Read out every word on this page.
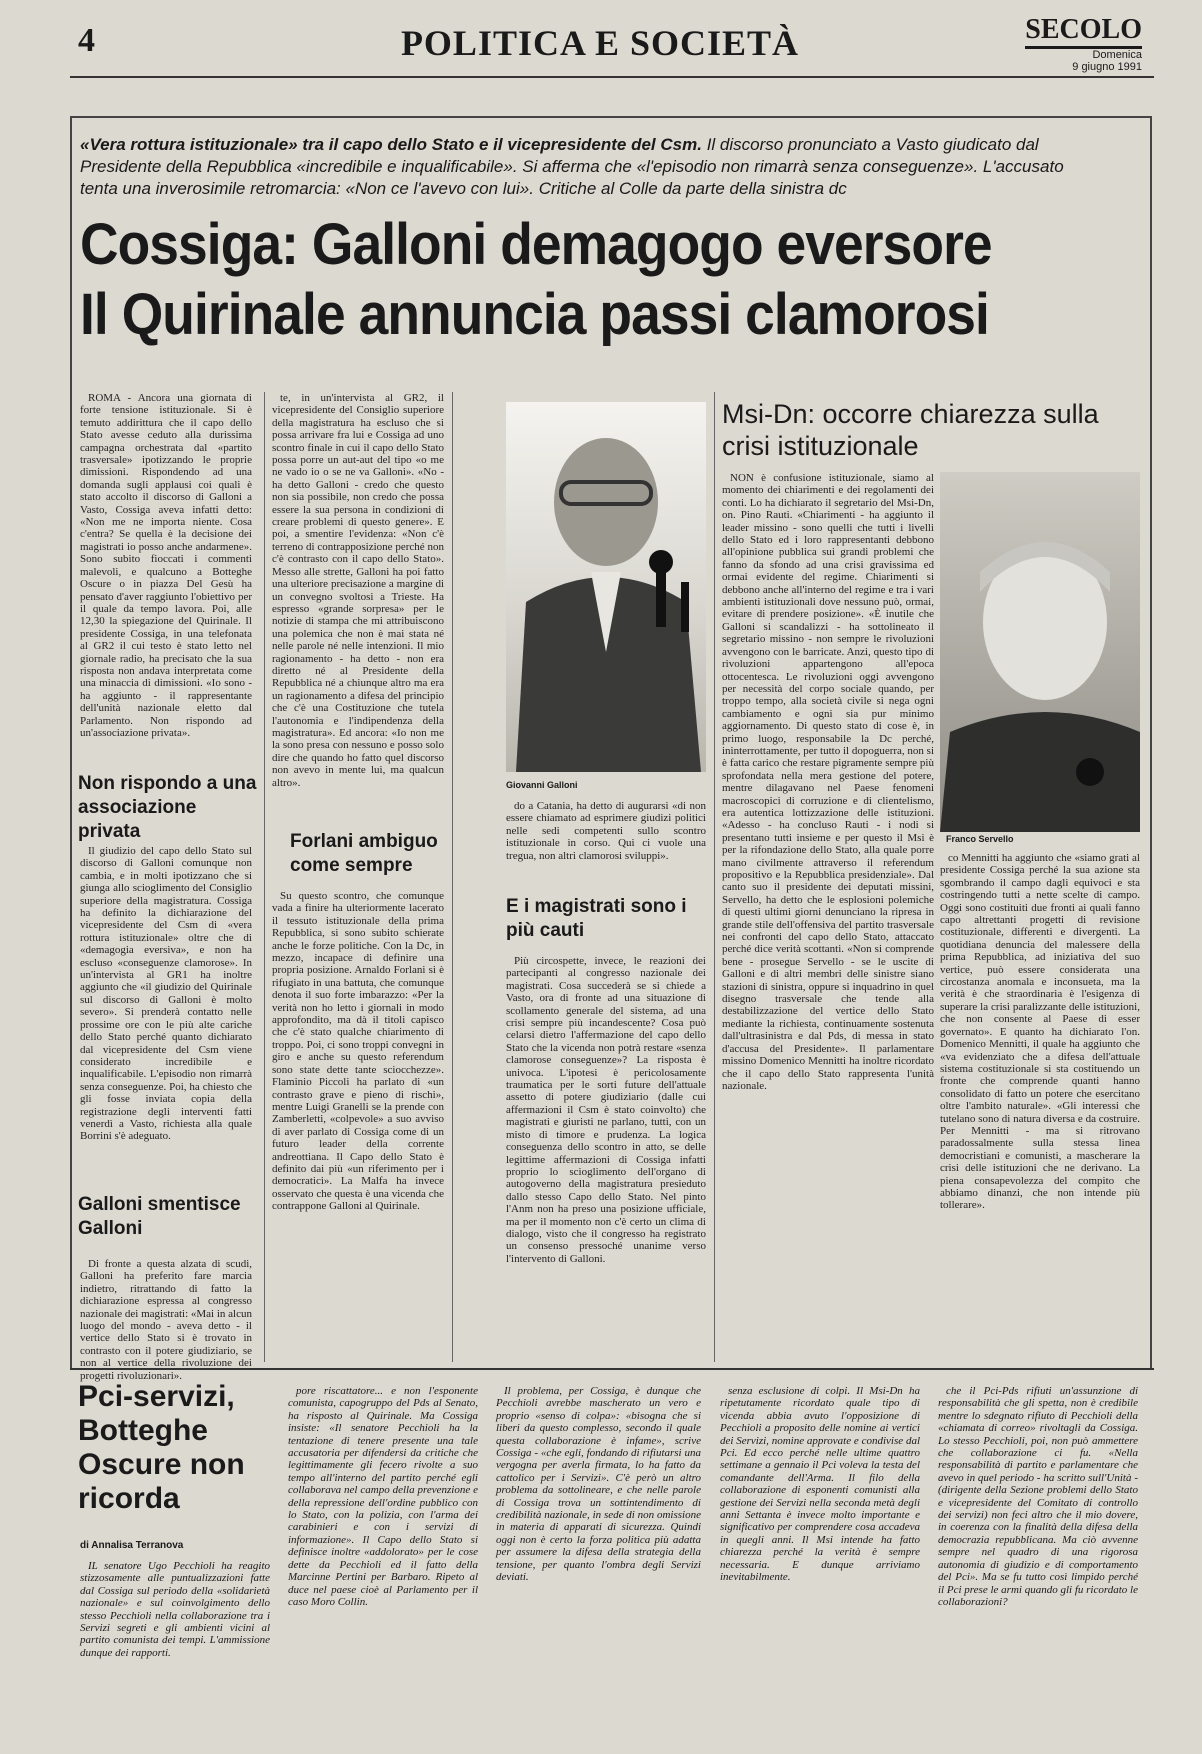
4	POLITICA E SOCIETÀ	SECOLO
Domenica
9 giugno 1991
«Vera rottura istituzionale» tra il capo dello Stato e il vicepresidente del Csm. Il discorso pronunciato a Vasto giudicato dal Presidente della Repubblica «incredibile e inqualificabile». Si afferma che «l'episodio non rimarrà senza conseguenze». L'accusato tenta una inverosimile retromarcia: «Non ce l'avevo con lui». Critiche al Colle da parte della sinistra dc
Cossiga: Galloni demagogo eversore
Il Quirinale annuncia passi clamorosi

ROMA - Ancora una giornata di forte tensione istituzionale. Si è temuto addirittura che il capo dello Stato avesse ceduto alla durissima campagna orchestrata dal «partito trasversale» ipotizzando le proprie dimissioni. Rispondendo ad una domanda sugli applausi coi quali è stato accolto il discorso di Galloni a Vasto, Cossiga aveva infatti detto: «Non me ne importa niente. Cosa c'entra? Se quella è la decisione dei magistrati io posso anche andarmene». Sono subito fioccati i commenti malevoli, e qualcuno a Botteghe Oscure o in piazza Del Gesù ha pensato d'aver raggiunto l'obiettivo per il quale da tempo lavora. Poi, alle 12,30 la spiegazione del Quirinale. Il presidente Cossiga, in una telefonata al GR2 il cui testo è stato letto nel giornale radio, ha precisato che la sua risposta non andava interpretata come una minaccia di dimissioni. «Io sono - ha aggiunto - il rappresentante dell'unità nazionale eletto dal Parlamento. Non rispondo ad un'associazione privata».

Non rispondo a una associazione privata

Il giudizio del capo dello Stato sul discorso di Galloni comunque non cambia, e in molti ipotizzano che si giunga allo scioglimento del Consiglio superiore della magistratura. Cossiga ha definito la dichiarazione del vicepresidente del Csm di «vera rottura istituzionale» oltre che di «demagogia eversiva», e non ha escluso «conseguenze clamorose». In un'intervista al GR1 ha inoltre aggiunto che «il giudizio del Quirinale sul discorso di Galloni è molto severo». Si prenderà contatto nelle prossime ore con le più alte cariche dello Stato perché quanto dichiarato dal vicepresidente del Csm viene considerato incredibile e inqualificabile. L'episodio non rimarrà senza conseguenze. Poi, ha chiesto che gli fosse inviata copia della registrazione degli interventi fatti venerdì a Vasto, richiesta alla quale Borrini s'è adeguato.

Galloni smentisce Galloni

Di fronte a questa alzata di scudi, Galloni ha preferito fare marcia indietro, ritrattando di fatto la dichiarazione espressa al congresso nazionale dei magistrati: «Mai in alcun luogo del mondo - aveva detto - il vertice dello Stato si è trovato in contrasto con il potere giudiziario, se non al vertice della rivoluzione dei progetti rivoluzionari».

te, in un'intervista al GR2, il vicepresidente del Consiglio superiore della magistratura ha escluso che si possa arrivare fra lui e Cossiga ad uno scontro finale in cui il capo dello Stato possa porre un aut-aut del tipo «o me ne vado io o se ne va Galloni». «No - ha detto Galloni - credo che questo non sia possibile, non credo che possa essere la sua persona in condizioni di creare problemi di questo genere». E poi, a smentire l'evidenza: «Non c'è terreno di contrapposizione perché non c'è contrasto con il capo dello Stato». Messo alle strette, Galloni ha poi fatto una ulteriore precisazione a margine di un convegno svoltosi a Trieste. Ha espresso «grande sorpresa» per le notizie di stampa che mi attribuiscono una polemica che non è mai stata né nelle parole né nelle intenzioni. Il mio ragionamento - ha detto - non era diretto né al Presidente della Repubblica né a chiunque altro ma era un ragionamento a difesa del principio che c'è una Costituzione che tutela l'autonomia e l'indipendenza della magistratura». Ed ancora: «Io non me la sono presa con nessuno e posso solo dire che quando ho fatto quel discorso non avevo in mente lui, ma qualcun altro».

Forlani ambiguo come sempre

Su questo scontro, che comunque vada a finire ha ulteriormente lacerato il tessuto istituzionale della prima Repubblica, si sono subito schierate anche le forze politiche. Con la Dc, in mezzo, incapace di definire una propria posizione. Arnaldo Forlani si è rifugiato in una battuta, che comunque denota il suo forte imbarazzo: «Per la verità non ho letto i giornali in modo approfondito, ma dà il titoli capisco che c'è stato qualche chiarimento di troppo. Poi, ci sono troppi convegni in giro e anche su questo referendum sono state dette tante sciocchezze». Flaminio Piccoli ha parlato di «un contrasto grave e pieno di rischi», mentre Luigi Granelli se la prende con Zamberletti, «colpevole» a suo avviso di aver parlato di Cossiga come di un futuro leader della corrente andreottiana. Il Capo dello Stato è definito dai più «un riferimento per i democratici». La Malfa ha invece osservato che questa è una vicenda che contrappone Galloni al Quirinale.

Giovanni Galloni

do a Catania, ha detto di augurarsi «di non essere chiamato ad esprimere giudizi politici nelle sedi competenti sullo scontro istituzionale in corso. Qui ci vuole una tregua, non altri clamorosi sviluppi».

E i magistrati sono i più cauti

Più circospette, invece, le reazioni dei partecipanti al congresso nazionale dei magistrati. Cosa succederà se si chiede a Vasto, ora di fronte ad una situazione di scollamento generale del sistema, ad una crisi sempre più incandescente? Cosa può celarsi dietro l'affermazione del capo dello Stato che la vicenda non potrà restare «senza clamorose conseguenze»? La risposta è univoca. L'ipotesi è pericolosamente traumatica per le sorti future dell'attuale assetto di potere giudiziario (dalle cui affermazioni il Csm è stato coinvolto) che magistrati e giuristi ne parlano, tutti, con un misto di timore e prudenza. La logica conseguenza dello scontro in atto, se delle legittime affermazioni di Cossiga infatti proprio lo scioglimento dell'organo di autogoverno della magistratura presieduto dallo stesso Capo dello Stato. Nel pinto l'Anm non ha preso una posizione ufficiale, ma per il momento non c'è certo un clima di dialogo, visto che il congresso ha registrato un consenso pressoché unanime verso l'intervento di Galloni.

Msi-Dn: occorre chiarezza sulla crisi istituzionale

NON è confusione istituzionale, siamo al momento dei chiarimenti e dei regolamenti dei conti. Lo ha dichiarato il segretario del Msi-Dn, on. Pino Rauti. «Chiarimenti - ha aggiunto il leader missino - sono quelli che tutti i livelli dello Stato ed i loro rappresentanti debbono all'opinione pubblica sui grandi problemi che fanno da sfondo ad una crisi gravissima ed ormai evidente del regime. Chiarimenti si debbono anche all'interno del regime e tra i vari ambienti istituzionali dove nessuno può, ormai, evitare di prendere posizione». «È inutile che Galloni si scandalizzi - ha sottolineato il segretario missino - non sempre le rivoluzioni avvengono con le barricate. Anzi, questo tipo di rivoluzioni appartengono all'epoca ottocentesca. Le rivoluzioni oggi avvengono per necessità del corpo sociale quando, per troppo tempo, alla società civile si nega ogni cambiamento e ogni sia pur minimo aggiornamento. Di questo stato di cose è, in primo luogo, responsabile la Dc perché, ininterrottamente, per tutto il dopoguerra, non si è fatta carico che restare pigramente sempre più sprofondata nella mera gestione del potere, mentre dilagavano nel Paese fenomeni macroscopici di corruzione e di clientelismo, era autentica lottizzazione delle istituzioni. «Adesso - ha concluso Rauti - i nodi si presentano tutti insieme e per questo il Msi è per la rifondazione dello Stato, alla quale porre mano civilmente attraverso il referendum propositivo e la Repubblica presidenziale». Dal canto suo il presidente dei deputati missini, Servello, ha detto che le esplosioni polemiche di questi ultimi giorni denunciano la ripresa in grande stile dell'offensiva del partito trasversale nei confronti del capo dello Stato, attaccato perché dice verità scottanti. «Non si comprende bene - prosegue Servello - se le uscite di Galloni e di altri membri delle sinistre siano stazioni di sinistra, oppure si inquadrino in quel disegno trasversale che tende alla destabilizzazione del vertice dello Stato mediante la richiesta, continuamente sostenuta dall'ultrasinistra e dal Pds, di messa in stato d'accusa del Presidente». Il parlamentare missino Domenico Mennitti ha inoltre ricordato che il capo dello Stato rappresenta l'unità nazionale.

Franco Servello

co Mennitti ha aggiunto che «siamo grati al presidente Cossiga perché la sua azione sta sgombrando il campo dagli equivoci e sta costringendo tutti a nette scelte di campo. Oggi sono costituiti due fronti ai quali fanno capo altrettanti progetti di revisione costituzionale, differenti e divergenti. La quotidiana denuncia del malessere della prima Repubblica, ad iniziativa del suo vertice, può essere considerata una circostanza anomala e inconsueta, ma la verità è che straordinaria è l'esigenza di superare la crisi paralizzante delle istituzioni, che non consente al Paese di esser governato». E quanto ha dichiarato l'on. Domenico Mennitti, il quale ha aggiunto che «va evidenziato che a difesa dell'attuale sistema costituzionale si sta costituendo un fronte che comprende quanti hanno consolidato di fatto un potere che esercitano oltre l'ambito naturale». «Gli interessi che tutelano sono di natura diversa e da costruire. Per Mennitti - ma si ritrovano paradossalmente sulla stessa linea democristiani e comunisti, a mascherare la crisi delle istituzioni che ne derivano. La piena consapevolezza del compito che abbiamo dinanzi, che non intende più tollerare».

Pci-servizi, Botteghe Oscure non ricorda
di Annalisa Terranova

IL senatore Ugo Pecchioli ha reagito stizzosamente alle puntualizzazioni fatte dal Cossiga sul periodo della «solidarietà nazionale» e sul coinvolgimento dello stesso Pecchioli nella collaborazione tra i Servizi segreti e gli ambienti vicini al partito comunista dei tempi. L'ammissione dunque dei rapporti.

pore riscattatore... e non l'esponente comunista, capogruppo del Pds al Senato, ha risposto al Quirinale. Ma Cossiga insiste: «Il senatore Pecchioli ha la tentazione di tenere presente una tale accusatoria per difendersi da critiche che legittimamente gli fecero rivolte a suo tempo all'interno del partito perché egli collaborava nel campo della prevenzione e della repressione dell'ordine pubblico con lo Stato, con la polizia, con l'arma dei carabinieri e con i servizi di informazione». Il Capo dello Stato si definisce inoltre «addolorato» per le cose dette da Pecchioli ed il fatto della Marcinne Pertini per Barbaro. Ripeto al duce nel paese cioè al Parlamento per il caso Moro Collin.

Il problema, per Cossiga, è dunque che Pecchioli avrebbe mascherato un vero e proprio «senso di colpa»: «bisogna che si liberi da questo complesso, secondo il quale questa collaborazione è infame», scrive Cossiga - «che egli, fondando di rifiutarsi una vergogna per averla firmata, lo ha fatto da cattolico per i Servizi». C'è però un altro problema da sottolineare, e che nelle parole di Cossiga trova un sottintendimento di credibilità nazionale, in sede di non omissione in materia di apparati di sicurezza. Quindi oggi non è certo la forza politica più adatta per assumere la difesa della strategia della tensione, per quanto l'ombra degli Servizi deviati.

senza esclusione di colpi. Il Msi-Dn ha ripetutamente ricordato quale tipo di vicenda abbia avuto l'opposizione di Pecchioli a proposito delle nomine ai vertici dei Servizi, nomine approvate e condivise dal Pci. Ed ecco perché nelle ultime quattro settimane a gennaio il Pci voleva la testa del comandante dell'Arma. Il filo della collaborazione di esponenti comunisti alla gestione dei Servizi nella seconda metà degli anni Settanta è invece molto importante e significativo per comprendere cosa accadeva in quegli anni. Il Msi intende ha fatto chiarezza perché la verità è sempre necessaria. E dunque arriviamo inevitabilmente.

che il Pci-Pds rifiuti un'assunzione di responsabilità che gli spetta, non è credibile mentre lo sdegnato rifiuto di Pecchioli della «chiamata di correo» rivoltagli da Cossiga. Lo stesso Pecchioli, poi, non può ammettere che collaborazione ci fu. «Nella responsabilità di partito e parlamentare che avevo in quel periodo - ha scritto sull'Unità - (dirigente della Sezione problemi dello Stato e vicepresidente del Comitato di controllo dei servizi) non feci altro che il mio dovere, in coerenza con la finalità della difesa della democrazia repubblicana. Ma ciò avvenne sempre nel quadro di una rigorosa autonomia di giudizio e di comportamento del Pci». Ma se fu tutto così limpido perché il Pci prese le armi quando gli fu ricordato le collaborazioni?
